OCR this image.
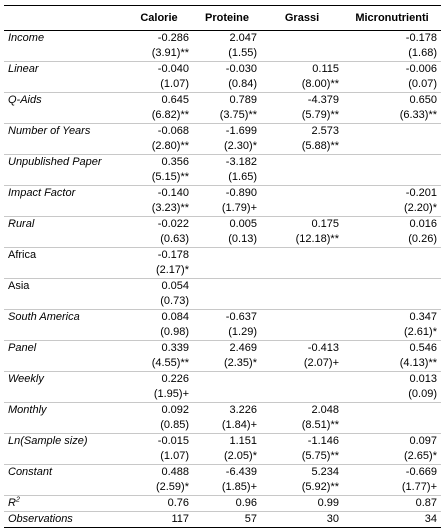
	Calorie	Proteine	Grassi	Micronutrienti
Income	-0.286	2.047		-0.178
	(3.91)**	(1.55)		(1.68)
Linear	-0.040	-0.030	0.115	-0.006
	(1.07)	(0.84)	(8.00)**	(0.07)
Q-Aids	0.645	0.789	-4.379	0.650
	(6.82)**	(3.75)**	(5.79)**	(6.33)**
Number of Years	-0.068	-1.699	2.573	
	(2.80)**	(2.30)*	(5.88)**	
Unpublished Paper	0.356	-3.182		
	(5.15)**	(1.65)		
Impact Factor	-0.140	-0.890		-0.201
	(3.23)**	(1.79)+		(2.20)*
Rural	-0.022	0.005	0.175	0.016
	(0.63)	(0.13)	(12.18)**	(0.26)
Africa	-0.178			
	(2.17)*			
Asia	0.054			
	(0.73)			
South America	0.084	-0.637		0.347
	(0.98)	(1.29)		(2.61)*
Panel	0.339	2.469	-0.413	0.546
	(4.55)**	(2.35)*	(2.07)+	(4.13)**
Weekly	0.226			0.013
	(1.95)+			(0.09)
Monthly	0.092	3.226	2.048	
	(0.85)	(1.84)+	(8.51)**	
Ln(Sample size)	-0.015	1.151	-1.146	0.097
	(1.07)	(2.05)*	(5.75)**	(2.65)*
Constant	0.488	-6.439	5.234	-0.669
	(2.59)*	(1.85)+	(5.92)**	(1.77)+
$R^2$	0.76	0.96	0.99	0.87
Observations	117	57	30	34
